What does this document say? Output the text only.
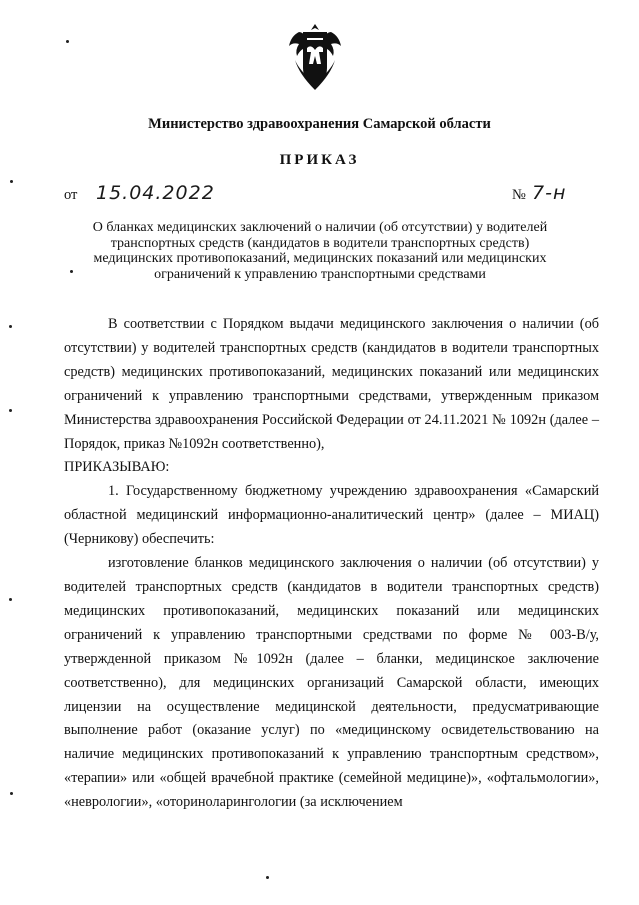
Министерство здравоохранения Самарской области
ПРИКАЗ
от 15.04.2022	№ 7-н
О бланках медицинских заключений о наличии (об отсутствии) у водителей
транспортных средств (кандидатов в водители транспортных средств)
медицинских противопоказаний, медицинских показаний или медицинских
ограничений к управлению транспортными средствами

В соответствии с Порядком выдачи медицинского заключения о наличии (об отсутствии) у водителей транспортных средств (кандидатов в водители транспортных средств) медицинских противопоказаний, медицинских показаний или медицинских ограничений к управлению транспортными средствами, утвержденным приказом Министерства здравоохранения Российской Федерации от 24.11.2021 № 1092н (далее – Порядок, приказ №1092н соответственно),

ПРИКАЗЫВАЮ:

1. Государственному бюджетному учреждению здравоохранения «Самарский областной медицинский информационно-аналитический центр» (далее – МИАЦ) (Черникову) обеспечить:

изготовление бланков медицинского заключения о наличии (об отсутствии) у водителей транспортных средств (кандидатов в водители транспортных средств) медицинских противопоказаний, медицинских показаний или медицинских ограничений к управлению транспортными средствами по форме № 003-В/у, утвержденной приказом №1092н (далее – бланки, медицинское заключение соответственно), для медицинских организаций Самарской области, имеющих лицензии на осуществление медицинской деятельности, предусматривающие выполнение работ (оказание услуг) по «медицинскому освидетельствованию на наличие медицинских противопоказаний к управлению транспортным средством», «терапии» или «общей врачебной практике (семейной медицине)», «офтальмологии», «неврологии», «оториноларингологии (за исключением
